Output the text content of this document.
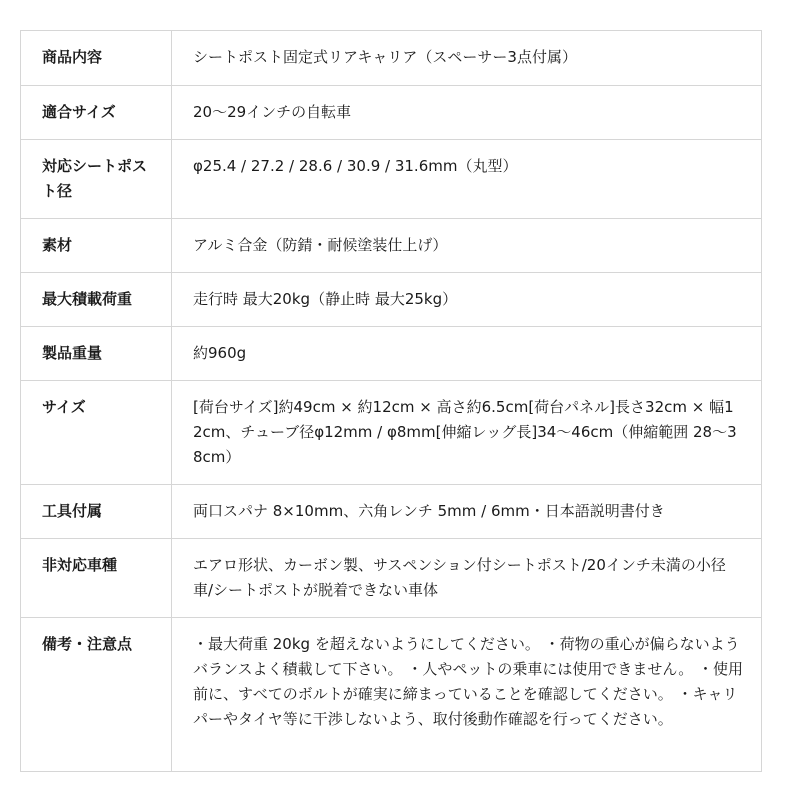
商品内容	シートポスト固定式リアキャリア（スペーサー3点付属）
適合サイズ	20〜29インチの自転車
対応シートポスト径	φ25.4 / 27.2 / 28.6 / 30.9 / 31.6mm（丸型）
素材	アルミ合金（防錆・耐候塗装仕上げ）
最大積載荷重	走行時 最大20kg（静止時 最大25kg）
製品重量	約960g
サイズ	[荷台サイズ]約49cm × 約12cm × 高さ約6.5cm[荷台パネル]長さ32cm × 幅12cm、チューブ径φ12mm / φ8mm[伸縮レッグ長]34〜46cm（伸縮範囲 28〜38cm）
工具付属	両口スパナ 8×10mm、六角レンチ 5mm / 6mm・日本語説明書付き
非対応車種	エアロ形状、カーボン製、サスペンション付シートポスト/20インチ未満の小径車/シートポストが脱着できない車体
備考・注意点	・最大荷重 20kg を超えないようにしてください。 ・荷物の重心が偏らないようバランスよく積載して下さい。 ・人やペットの乗車には使用できません。 ・使用前に、すべてのボルトが確実に締まっていることを確認してください。 ・キャリパーやタイヤ等に干渉しないよう、取付後動作確認を行ってください。
